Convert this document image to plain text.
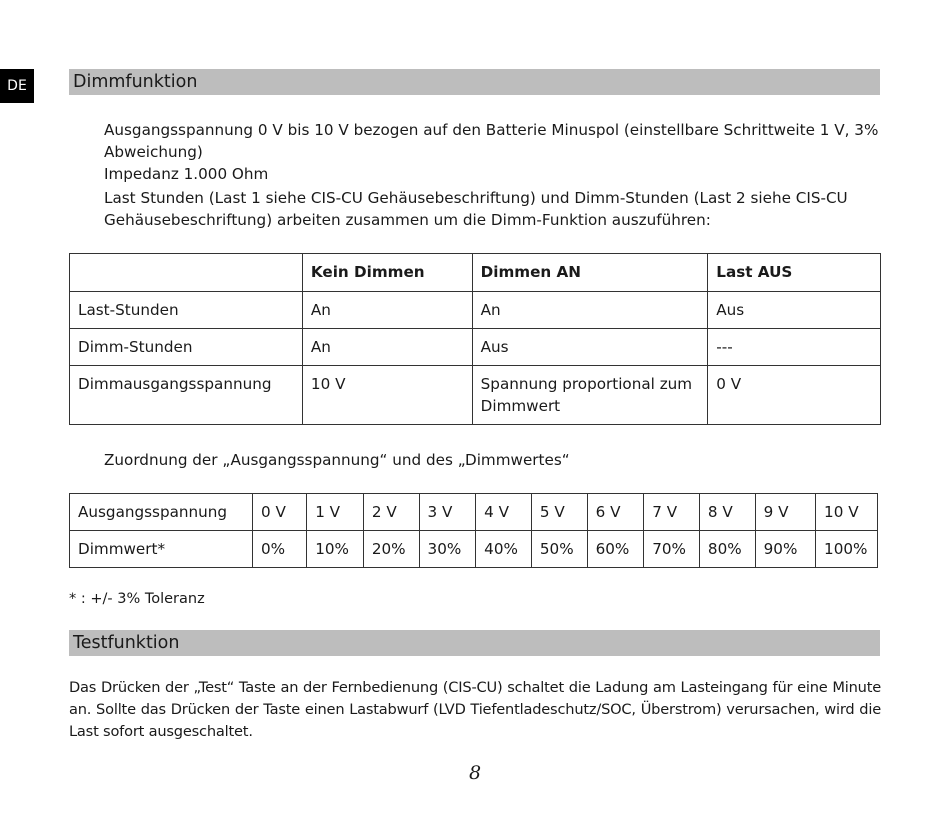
DE	Dimmfunktion

Ausgangsspannung 0 V bis 10 V bezogen auf den Batterie Minuspol (einstellbare Schrittweite 1 V, 3% Abweichung)

Impedanz 1.000 Ohm

Last Stunden (Last 1 siehe CIS-CU Gehäusebeschriftung) und Dimm-Stunden (Last 2 siehe CIS-CU Gehäusebeschriftung) arbeiten zusammen um die Dimm-Funktion auszuführen:

	Kein Dimmen	Dimmen AN	Last AUS
Last-Stunden	An	An	Aus
Dimm-Stunden	An	Aus	---
Dimmausgangsspannung	10 V	Spannung proportional zum Dimmwert	0 V

Zuordnung der „Ausgangsspannung“ und des „Dimmwertes“

Ausgangsspannung	0 V	1 V	2 V	3 V	4 V	5 V	6 V	7 V	8 V	9 V	10 V
Dimmwert*	0%	10%	20%	30%	40%	50%	60%	70%	80%	90%	100%

* : +/- 3% Toleranz

Testfunktion

Das Drücken der „Test“ Taste an der Fernbedienung (CIS-CU) schaltet die Ladung am Lasteingang für eine Minute an. Sollte das Drücken der Taste einen Lastabwurf (LVD Tiefentladeschutz/SOC, Überstrom) verursachen, wird die Last sofort ausgeschaltet.

8
